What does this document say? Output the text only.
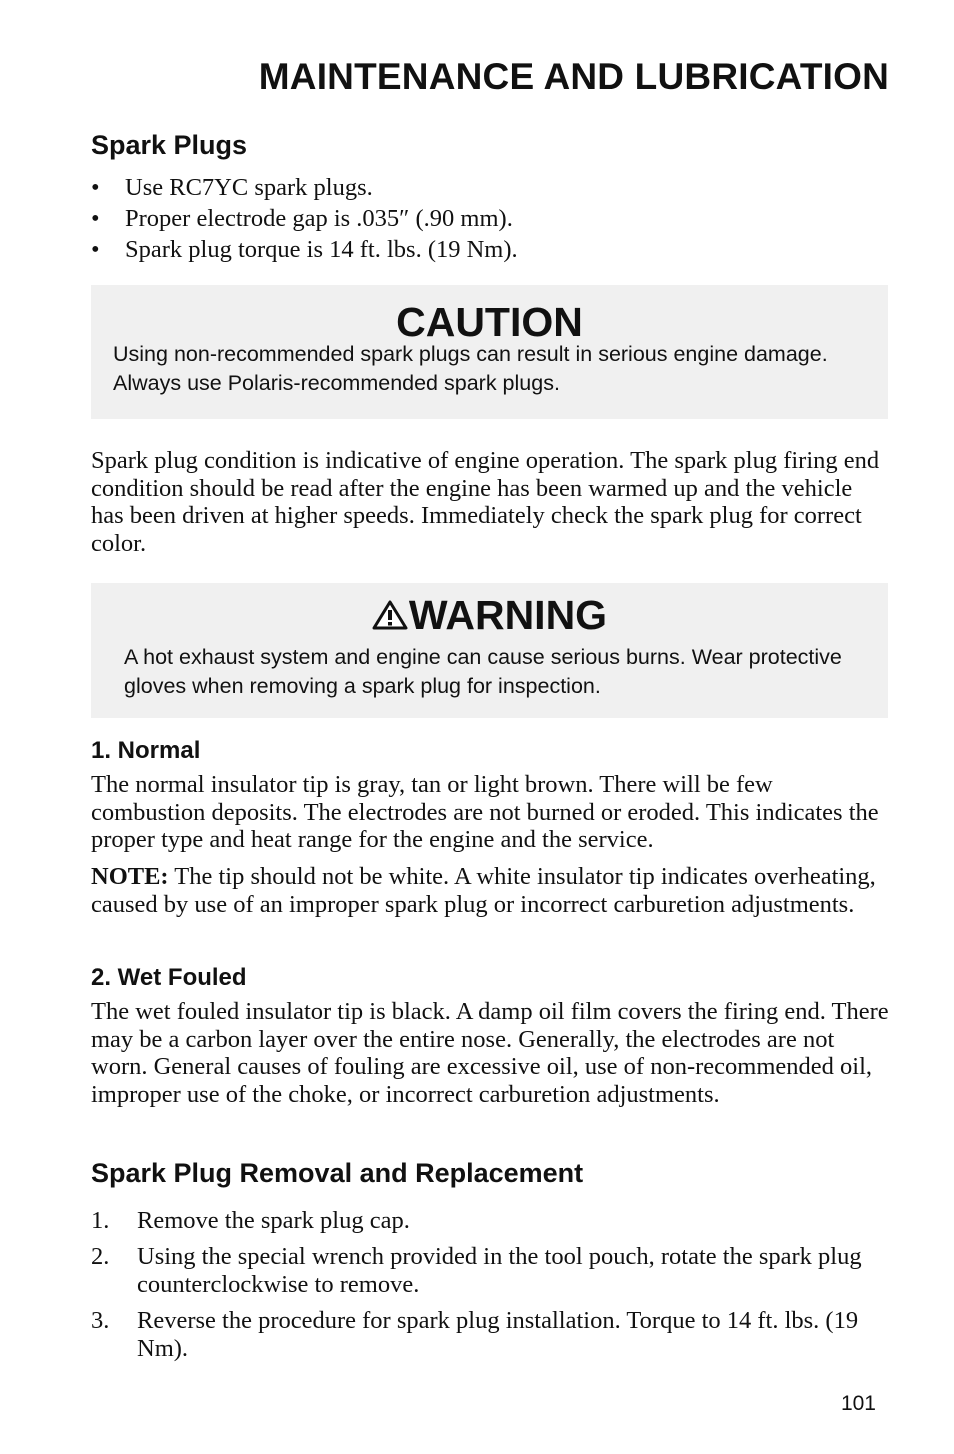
MAINTENANCE AND LUBRICATION
Spark Plugs
• Use RC7YC spark plugs.
• Proper electrode gap is .035″ (.90 mm).
• Spark plug torque is 14 ft. lbs. (19 Nm).
CAUTION
Using non-recommended spark plugs can result in serious engine damage. Always use Polaris-recommended spark plugs.
Spark plug condition is indicative of engine operation. The spark plug firing end condition should be read after the engine has been warmed up and the vehicle has been driven at higher speeds. Immediately check the spark plug for correct color.
WARNING
A hot exhaust system and engine can cause serious burns. Wear protective gloves when removing a spark plug for inspection.
1. Normal
The normal insulator tip is gray, tan or light brown. There will be few combustion deposits. The electrodes are not burned or eroded. This indicates the proper type and heat range for the engine and the service.
NOTE: The tip should not be white. A white insulator tip indicates overheating, caused by use of an improper spark plug or incorrect carburetion adjustments.
2. Wet Fouled
The wet fouled insulator tip is black. A damp oil film covers the firing end. There may be a carbon layer over the entire nose. Generally, the electrodes are not worn. General causes of fouling are excessive oil, use of non-recommended oil, improper use of the choke, or incorrect carburetion adjustments.
Spark Plug Removal and Replacement
1. Remove the spark plug cap.
2. Using the special wrench provided in the tool pouch, rotate the spark plug counterclockwise to remove.
3. Reverse the procedure for spark plug installation. Torque to 14 ft. lbs. (19 Nm).
101
